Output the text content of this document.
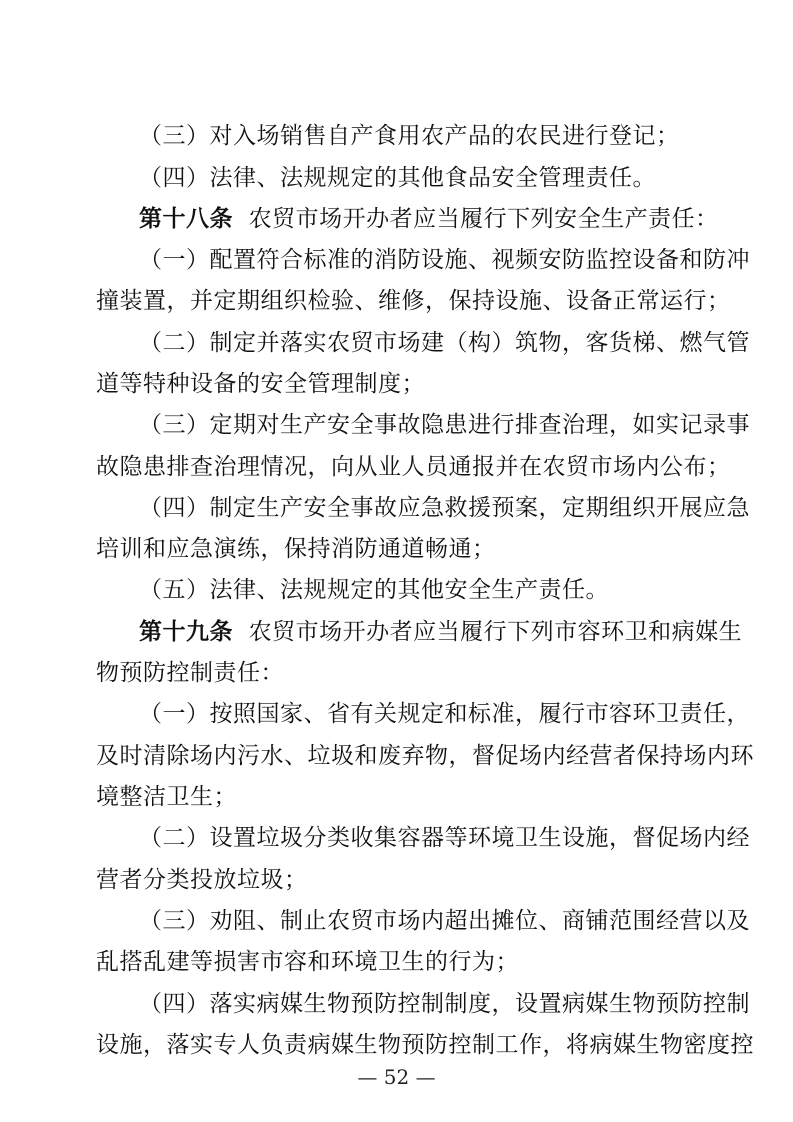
（三）对入场销售自产食用农产品的农民进行登记；
（四）法律、法规规定的其他食品安全管理责任。
第十八条 农贸市场开办者应当履行下列安全生产责任：
（一）配置符合标准的消防设施、视频安防监控设备和防冲
撞装置，并定期组织检验、维修，保持设施、设备正常运行；
（二）制定并落实农贸市场建（构）筑物，客货梯、燃气管
道等特种设备的安全管理制度；
（三）定期对生产安全事故隐患进行排查治理，如实记录事
故隐患排查治理情况，向从业人员通报并在农贸市场内公布；
（四）制定生产安全事故应急救援预案，定期组织开展应急
培训和应急演练，保持消防通道畅通；
（五）法律、法规规定的其他安全生产责任。
第十九条 农贸市场开办者应当履行下列市容环卫和病媒生
物预防控制责任：
（一）按照国家、省有关规定和标准，履行市容环卫责任，
及时清除场内污水、垃圾和废弃物，督促场内经营者保持场内环
境整洁卫生；
（二）设置垃圾分类收集容器等环境卫生设施，督促场内经
营者分类投放垃圾；
（三）劝阻、制止农贸市场内超出摊位、商铺范围经营以及
乱搭乱建等损害市容和环境卫生的行为；
（四）落实病媒生物预防控制制度，设置病媒生物预防控制
设施，落实专人负责病媒生物预防控制工作，将病媒生物密度控
— 52 —
